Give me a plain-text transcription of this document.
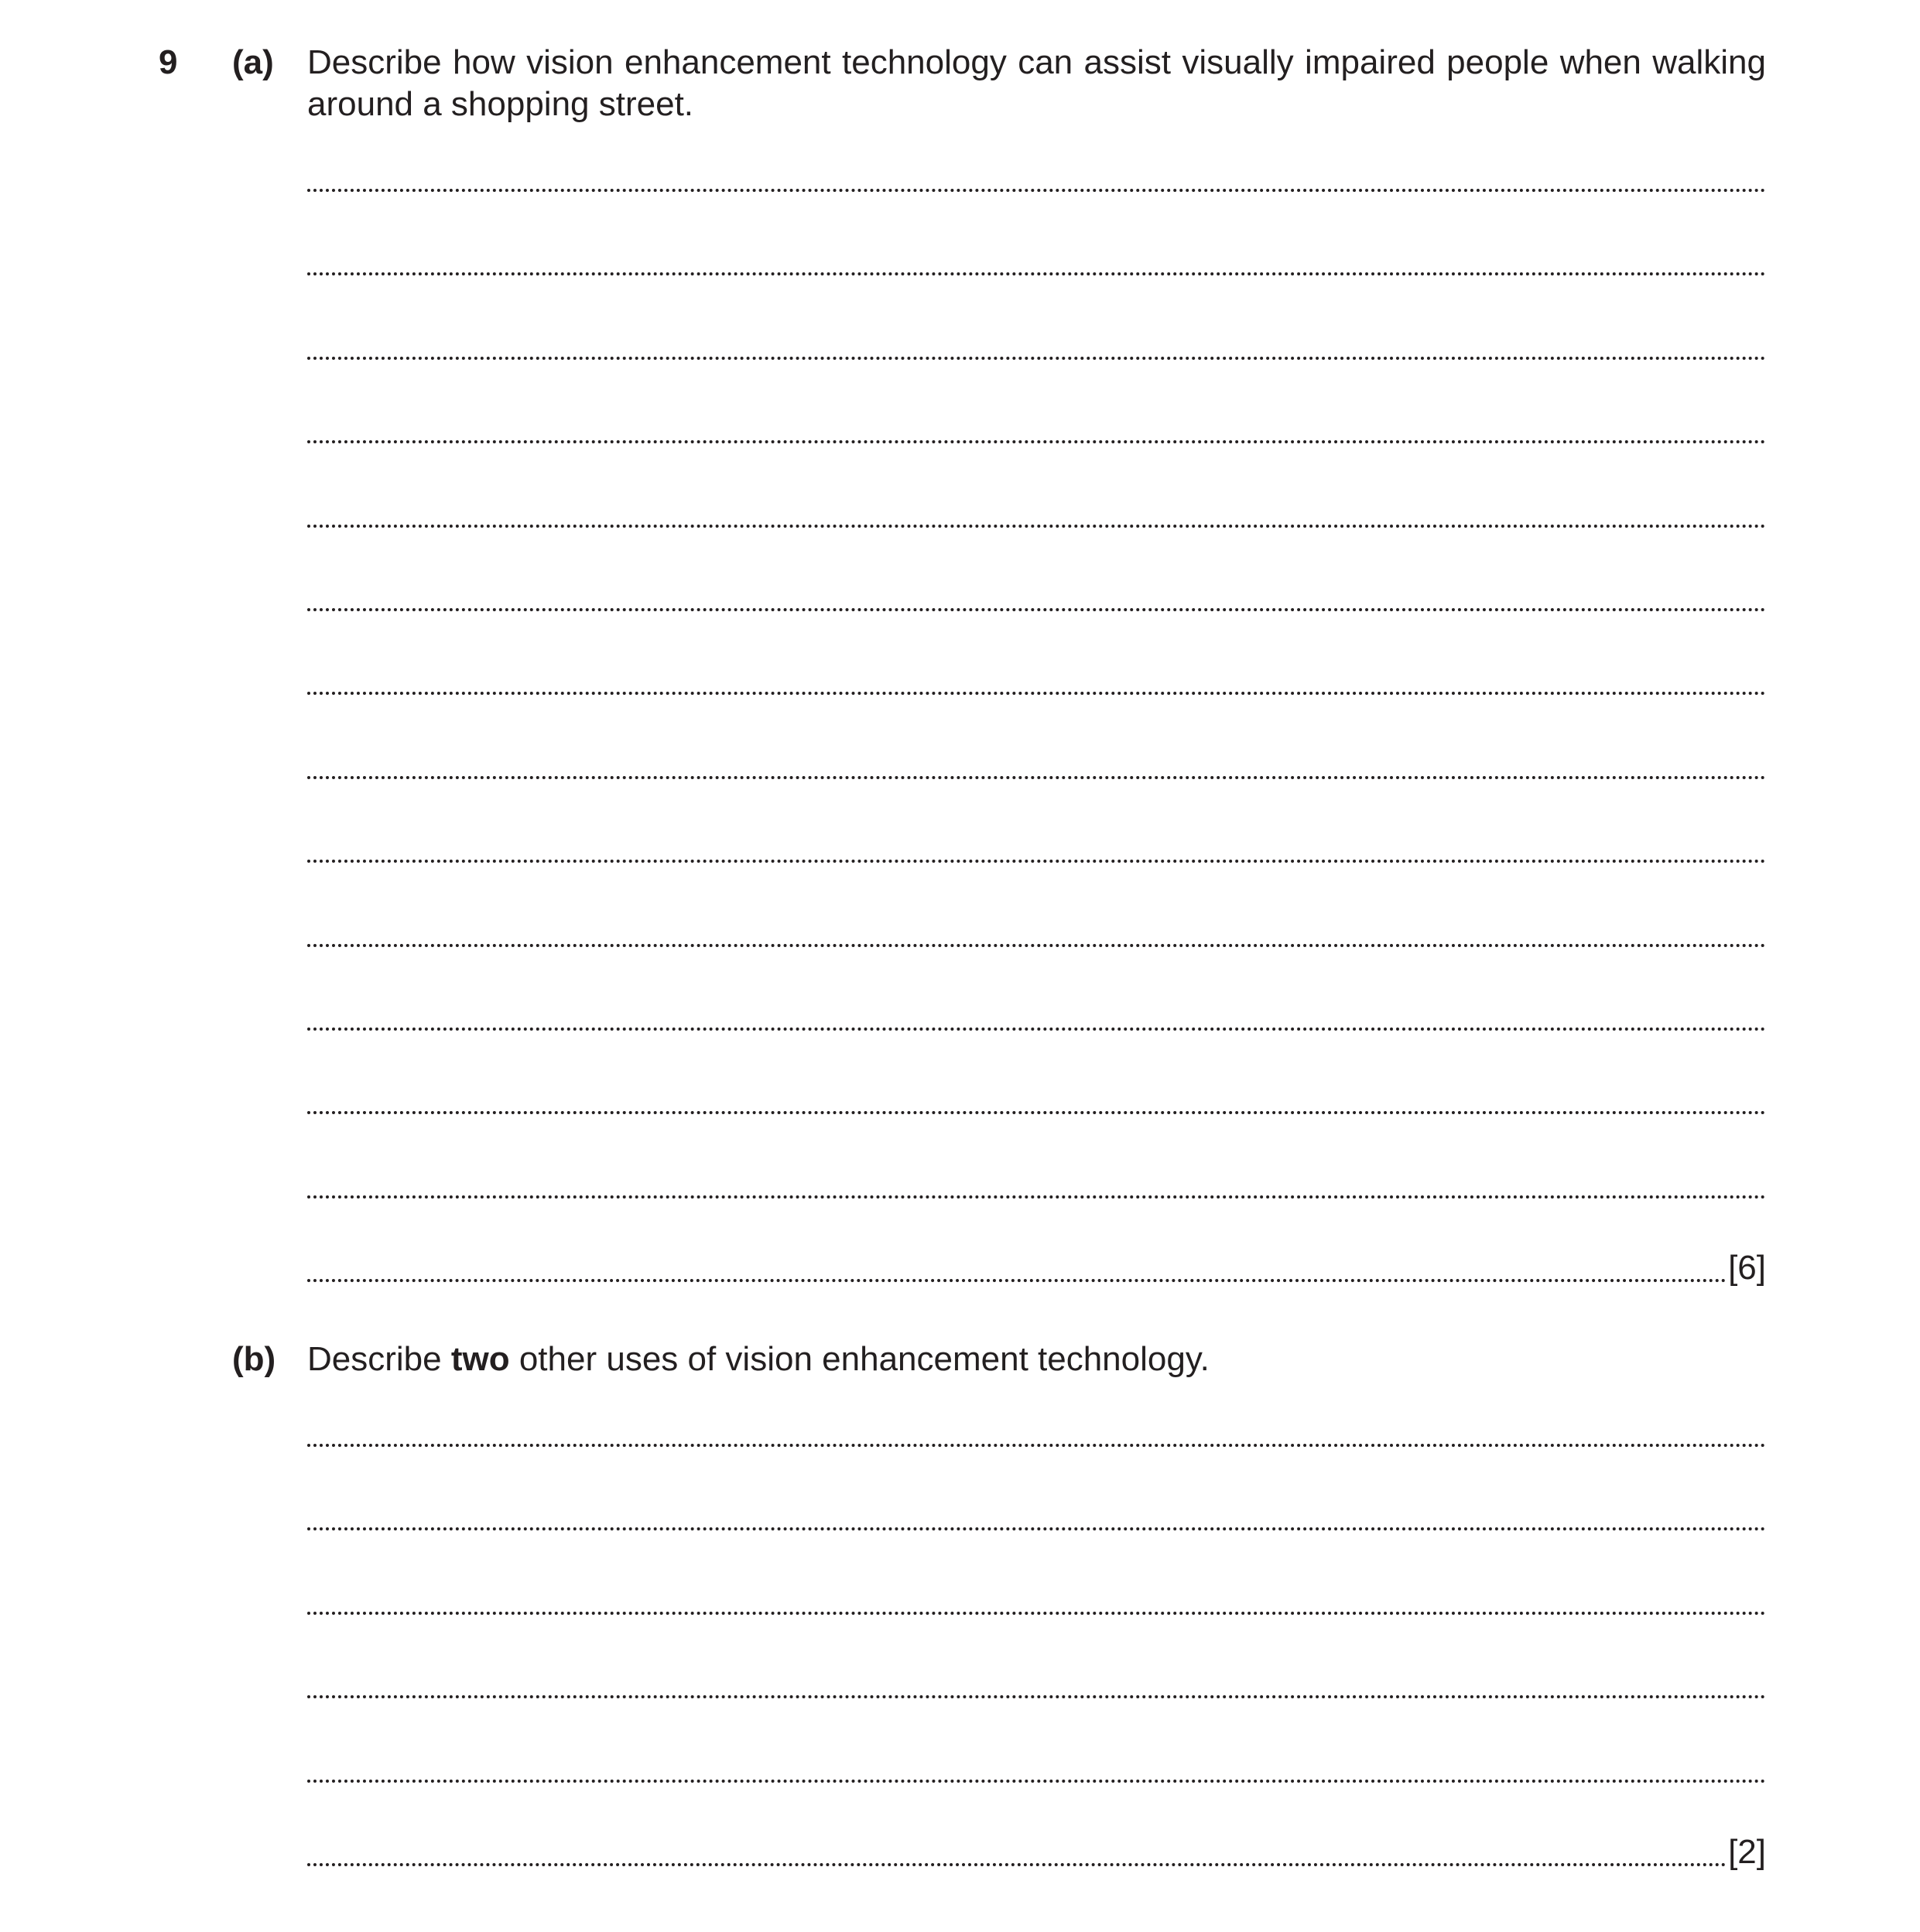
9 (a) Describe how vision enhancement technology can assist visually impaired people when walking around a shopping street.
[6]
(b) Describe two other uses of vision enhancement technology.
[2]
